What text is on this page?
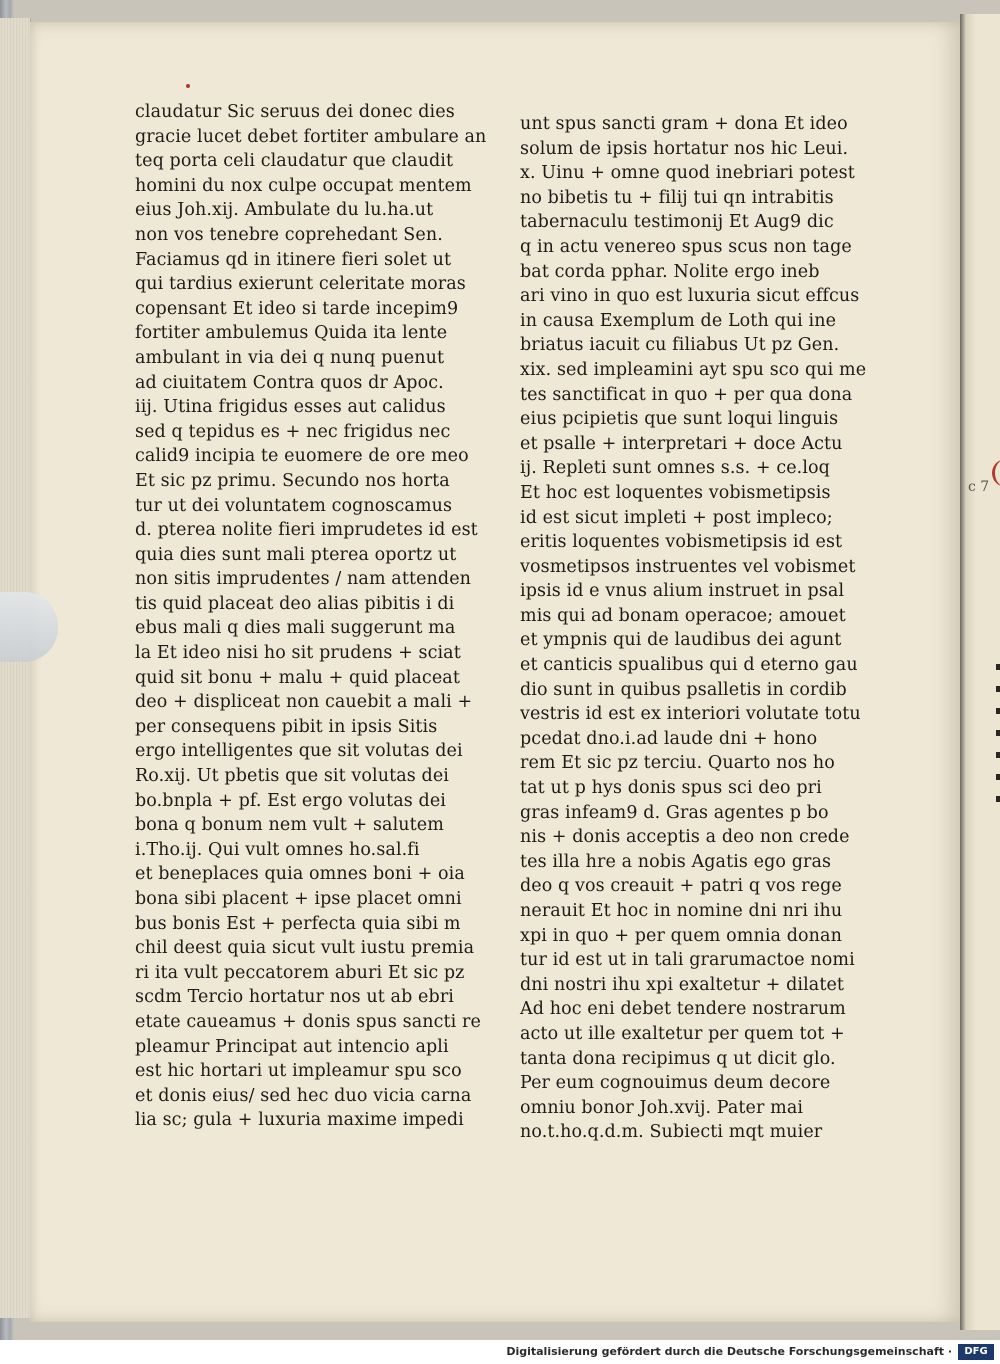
claudatur Sic seruus dei donec dies
gracie lucet debet fortiter ambulare an
teq porta celi claudatur que claudit
homini du nox culpe occupat mentem
eius Joh.xij. Ambulate du lu.ha.ut
non vos tenebre coprehedant Sen.
Faciamus qd in itinere fieri solet ut
qui tardius exierunt celeritate moras
copensant Et ideo si tarde incepim9
fortiter ambulemus Quida ita lente
ambulant in via dei q nunq puenut
ad ciuitatem Contra quos dr Apoc.
iij. Utina frigidus esses aut calidus
sed q tepidus es + nec frigidus nec
calid9 incipia te euomere de ore meo
Et sic pz primu. Secundo nos horta
tur ut dei voluntatem cognoscamus
d. pterea nolite fieri imprudetes id est
quia dies sunt mali pterea oportz ut
non sitis imprudentes / nam attenden
tis quid placeat deo alias pibitis i di
ebus mali q dies mali suggerunt ma
la Et ideo nisi ho sit prudens + sciat
quid sit bonu + malu + quid placeat
deo + displiceat non cauebit a mali +
per consequens pibit in ipsis Sitis
ergo intelligentes que sit volutas dei
Ro.xij. Ut pbetis que sit volutas dei
bo.bnpla + pf. Est ergo volutas dei
bona q bonum nem vult + salutem
i.Tho.ij. Qui vult omnes ho.sal.fi
et beneplaces quia omnes boni + oia
bona sibi placent + ipse placet omni
bus bonis Est + perfecta quia sibi m
chil deest quia sicut vult iustu premia
ri ita vult peccatorem aburi Et sic pz
scdm Tercio hortatur nos ut ab ebri
etate caueamus + donis spus sancti re
pleamur Principat aut intencio apli
est hic hortari ut impleamur spu sco
et donis eius/ sed hec duo vicia carna
lia sc; gula + luxuria maxime impedi
unt spus sancti gram + dona Et ideo
solum de ipsis hortatur nos hic Leui.
x. Uinu + omne quod inebriari potest
no bibetis tu + filij tui qn intrabitis
tabernaculu testimonij Et Aug9 dic
q in actu venereo spus scus non tage
bat corda pphar. Nolite ergo ineb
ari vino in quo est luxuria sicut effcus
in causa Exemplum de Loth qui ine
briatus iacuit cu filiabus Ut pz Gen.
xix. sed impleamini ayt spu sco qui me
tes sanctificat in quo + per qua dona
eius pcipietis que sunt loqui linguis
et psalle + interpretari + doce Actu
ij. Repleti sunt omnes s.s. + ce.loq
Et hoc est loquentes vobismetipsis
id est sicut impleti + post impleco;
eritis loquentes vobismetipsis id est
vosmetipsos instruentes vel vobismet
ipsis id e vnus alium instruet in psal
mis qui ad bonam operacoe; amouet
et ympnis qui de laudibus dei agunt
et canticis spualibus qui d eterno gau
dio sunt in quibus psalletis in cordib
vestris id est ex interiori volutate totu
pcedat dno.i.ad laude dni + hono
rem Et sic pz terciu. Quarto nos ho
tat ut p hys donis spus sci deo pri
gras infeam9 d. Gras agentes p bo
nis + donis acceptis a deo non crede
tes illa hre a nobis Agatis ego gras
deo q vos creauit + patri q vos rege
nerauit Et hoc in nomine dni nri ihu
xpi in quo + per quem omnia donan
tur id est ut in tali grarumactoe nomi
dni nostri ihu xpi exaltetur + dilatet
Ad hoc eni debet tendere nostrarum
acto ut ille exaltetur per quem tot +
tanta dona recipimus q ut dicit glo.
Per eum cognouimus deum decore
omniu bonor Joh.xvij. Pater mai
no.t.ho.q.d.m. Subiecti mqt muier
c 7
Digitalisierung gefördert durch die Deutsche Forschungsgemeinschaft ·	DFG
